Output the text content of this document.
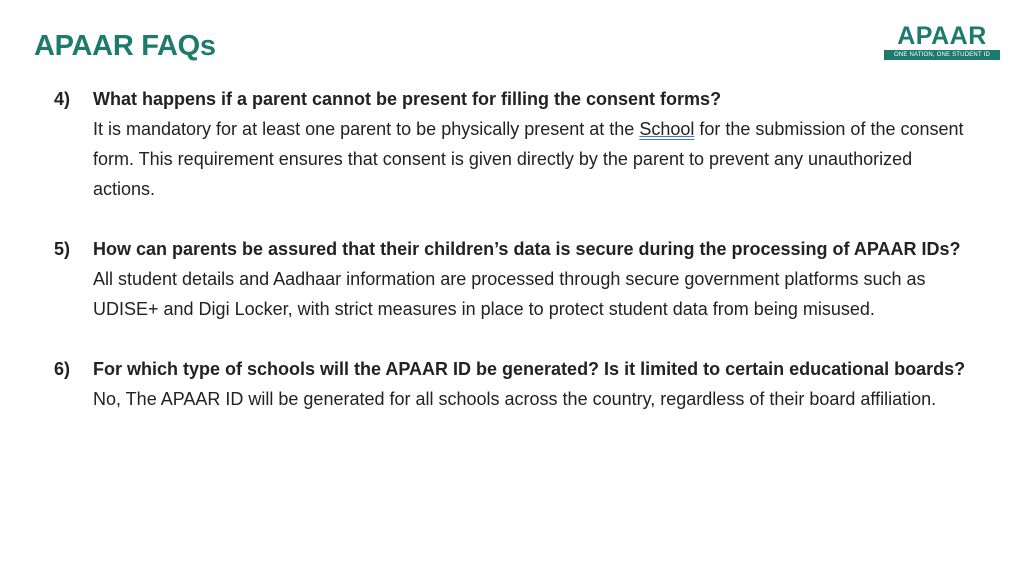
APAAR FAQs	APAAR
ONE NATION, ONE STUDENT ID
4) What happens if a parent cannot be present for filling the consent forms?
It is mandatory for at least one parent to be physically present at the School for the submission of the consent form. This requirement ensures that consent is given directly by the parent to prevent any unauthorized actions.
5) How can parents be assured that their children’s data is secure during the processing of APAAR IDs?
All student details and Aadhaar information are processed through secure government platforms such as UDISE+ and Digi Locker, with strict measures in place to protect student data from being misused.
6) For which type of schools will the APAAR ID be generated? Is it limited to certain educational boards?
No, The APAAR ID will be generated for all schools across the country, regardless of their board affiliation.
